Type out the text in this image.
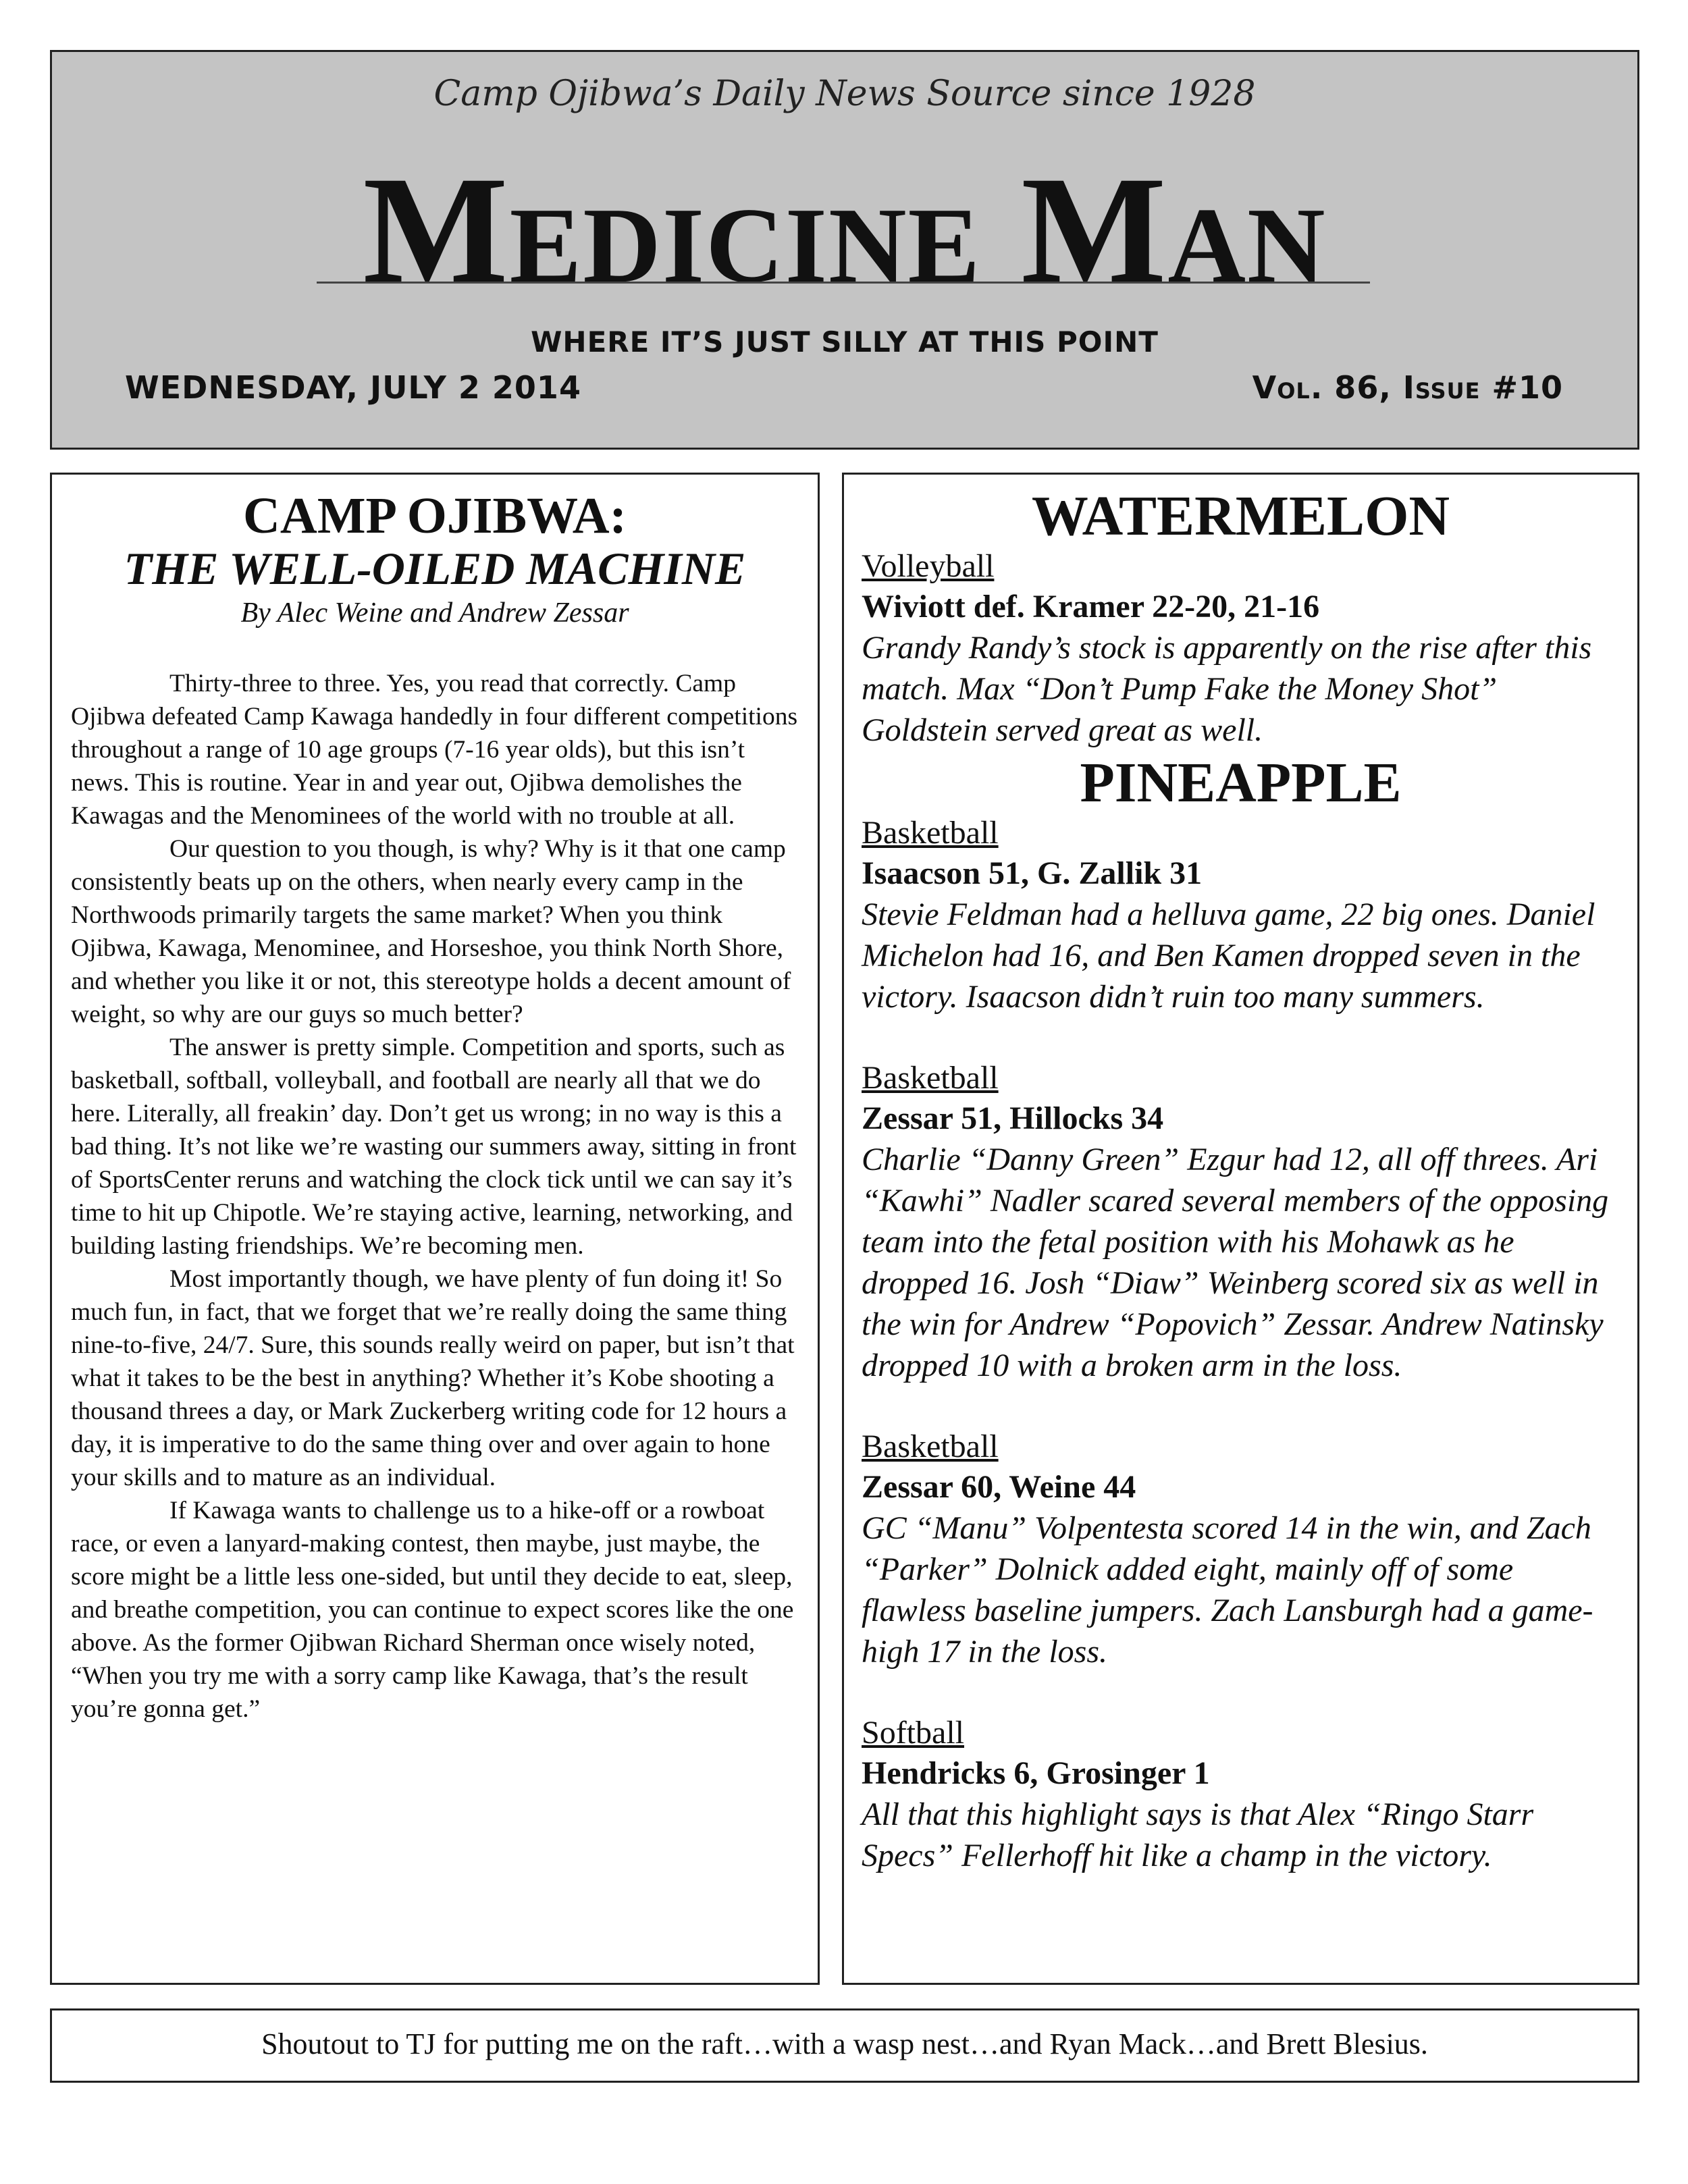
Camp Ojibwa’s Daily News Source since 1928
Medicine Man
WHERE IT’S JUST SILLY AT THIS POINT
WEDNESDAY, JULY 2 2014	Vol. 86, Issue #10
CAMP OJIBWA:
THE WELL-OILED MACHINE
By Alec Weine and Andrew Zessar

Thirty-three to three. Yes, you read that correctly. Camp Ojibwa defeated Camp Kawaga handedly in four different competitions throughout a range of 10 age groups (7-16 year olds), but this isn’t news. This is routine. Year in and year out, Ojibwa demolishes the Kawagas and the Menominees of the world with no trouble at all.

Our question to you though, is why? Why is it that one camp consistently beats up on the others, when nearly every camp in the Northwoods primarily targets the same market? When you think Ojibwa, Kawaga, Menominee, and Horseshoe, you think North Shore, and whether you like it or not, this stereotype holds a decent amount of weight, so why are our guys so much better?

The answer is pretty simple. Competition and sports, such as basketball, softball, volleyball, and football are nearly all that we do here. Literally, all freakin’ day. Don’t get us wrong; in no way is this a bad thing. It’s not like we’re wasting our summers away, sitting in front of SportsCenter reruns and watching the clock tick until we can say it’s time to hit up Chipotle. We’re staying active, learning, networking, and building lasting friendships. We’re becoming men.

Most importantly though, we have plenty of fun doing it! So much fun, in fact, that we forget that we’re really doing the same thing nine-to-five, 24/7. Sure, this sounds really weird on paper, but isn’t that what it takes to be the best in anything? Whether it’s Kobe shooting a thousand threes a day, or Mark Zuckerberg writing code for 12 hours a day, it is imperative to do the same thing over and over again to hone your skills and to mature as an individual.

If Kawaga wants to challenge us to a hike-off or a rowboat race, or even a lanyard-making contest, then maybe, just maybe, the score might be a little less one-sided, but until they decide to eat, sleep, and breathe competition, you can continue to expect scores like the one above. As the former Ojibwan Richard Sherman once wisely noted, “When you try me with a sorry camp like Kawaga, that’s the result you’re gonna get.”

WATERMELON
Volleyball
Wiviott def. Kramer 22-20, 21-16
Grandy Randy’s stock is apparently on the rise after this match. Max “Don’t Pump Fake the Money Shot” Goldstein served great as well.
PINEAPPLE
Basketball
Isaacson 51, G. Zallik 31
Stevie Feldman had a helluva game, 22 big ones. Daniel Michelon had 16, and Ben Kamen dropped seven in the victory. Isaacson didn’t ruin too many summers.
Basketball
Zessar 51, Hillocks 34
Charlie “Danny Green” Ezgur had 12, all off threes. Ari “Kawhi” Nadler scared several members of the opposing team into the fetal position with his Mohawk as he dropped 16. Josh “Diaw” Weinberg scored six as well in the win for Andrew “Popovich” Zessar. Andrew Natinsky dropped 10 with a broken arm in the loss.
Basketball
Zessar 60, Weine 44
GC “Manu” Volpentesta scored 14 in the win, and Zach “Parker” Dolnick added eight, mainly off of some flawless baseline jumpers. Zach Lansburgh had a game-high 17 in the loss.
Softball
Hendricks 6, Grosinger 1
All that this highlight says is that Alex “Ringo Starr Specs” Fellerhoff hit like a champ in the victory.
Shoutout to TJ for putting me on the raft…with a wasp nest…and Ryan Mack…and Brett Blesius.
